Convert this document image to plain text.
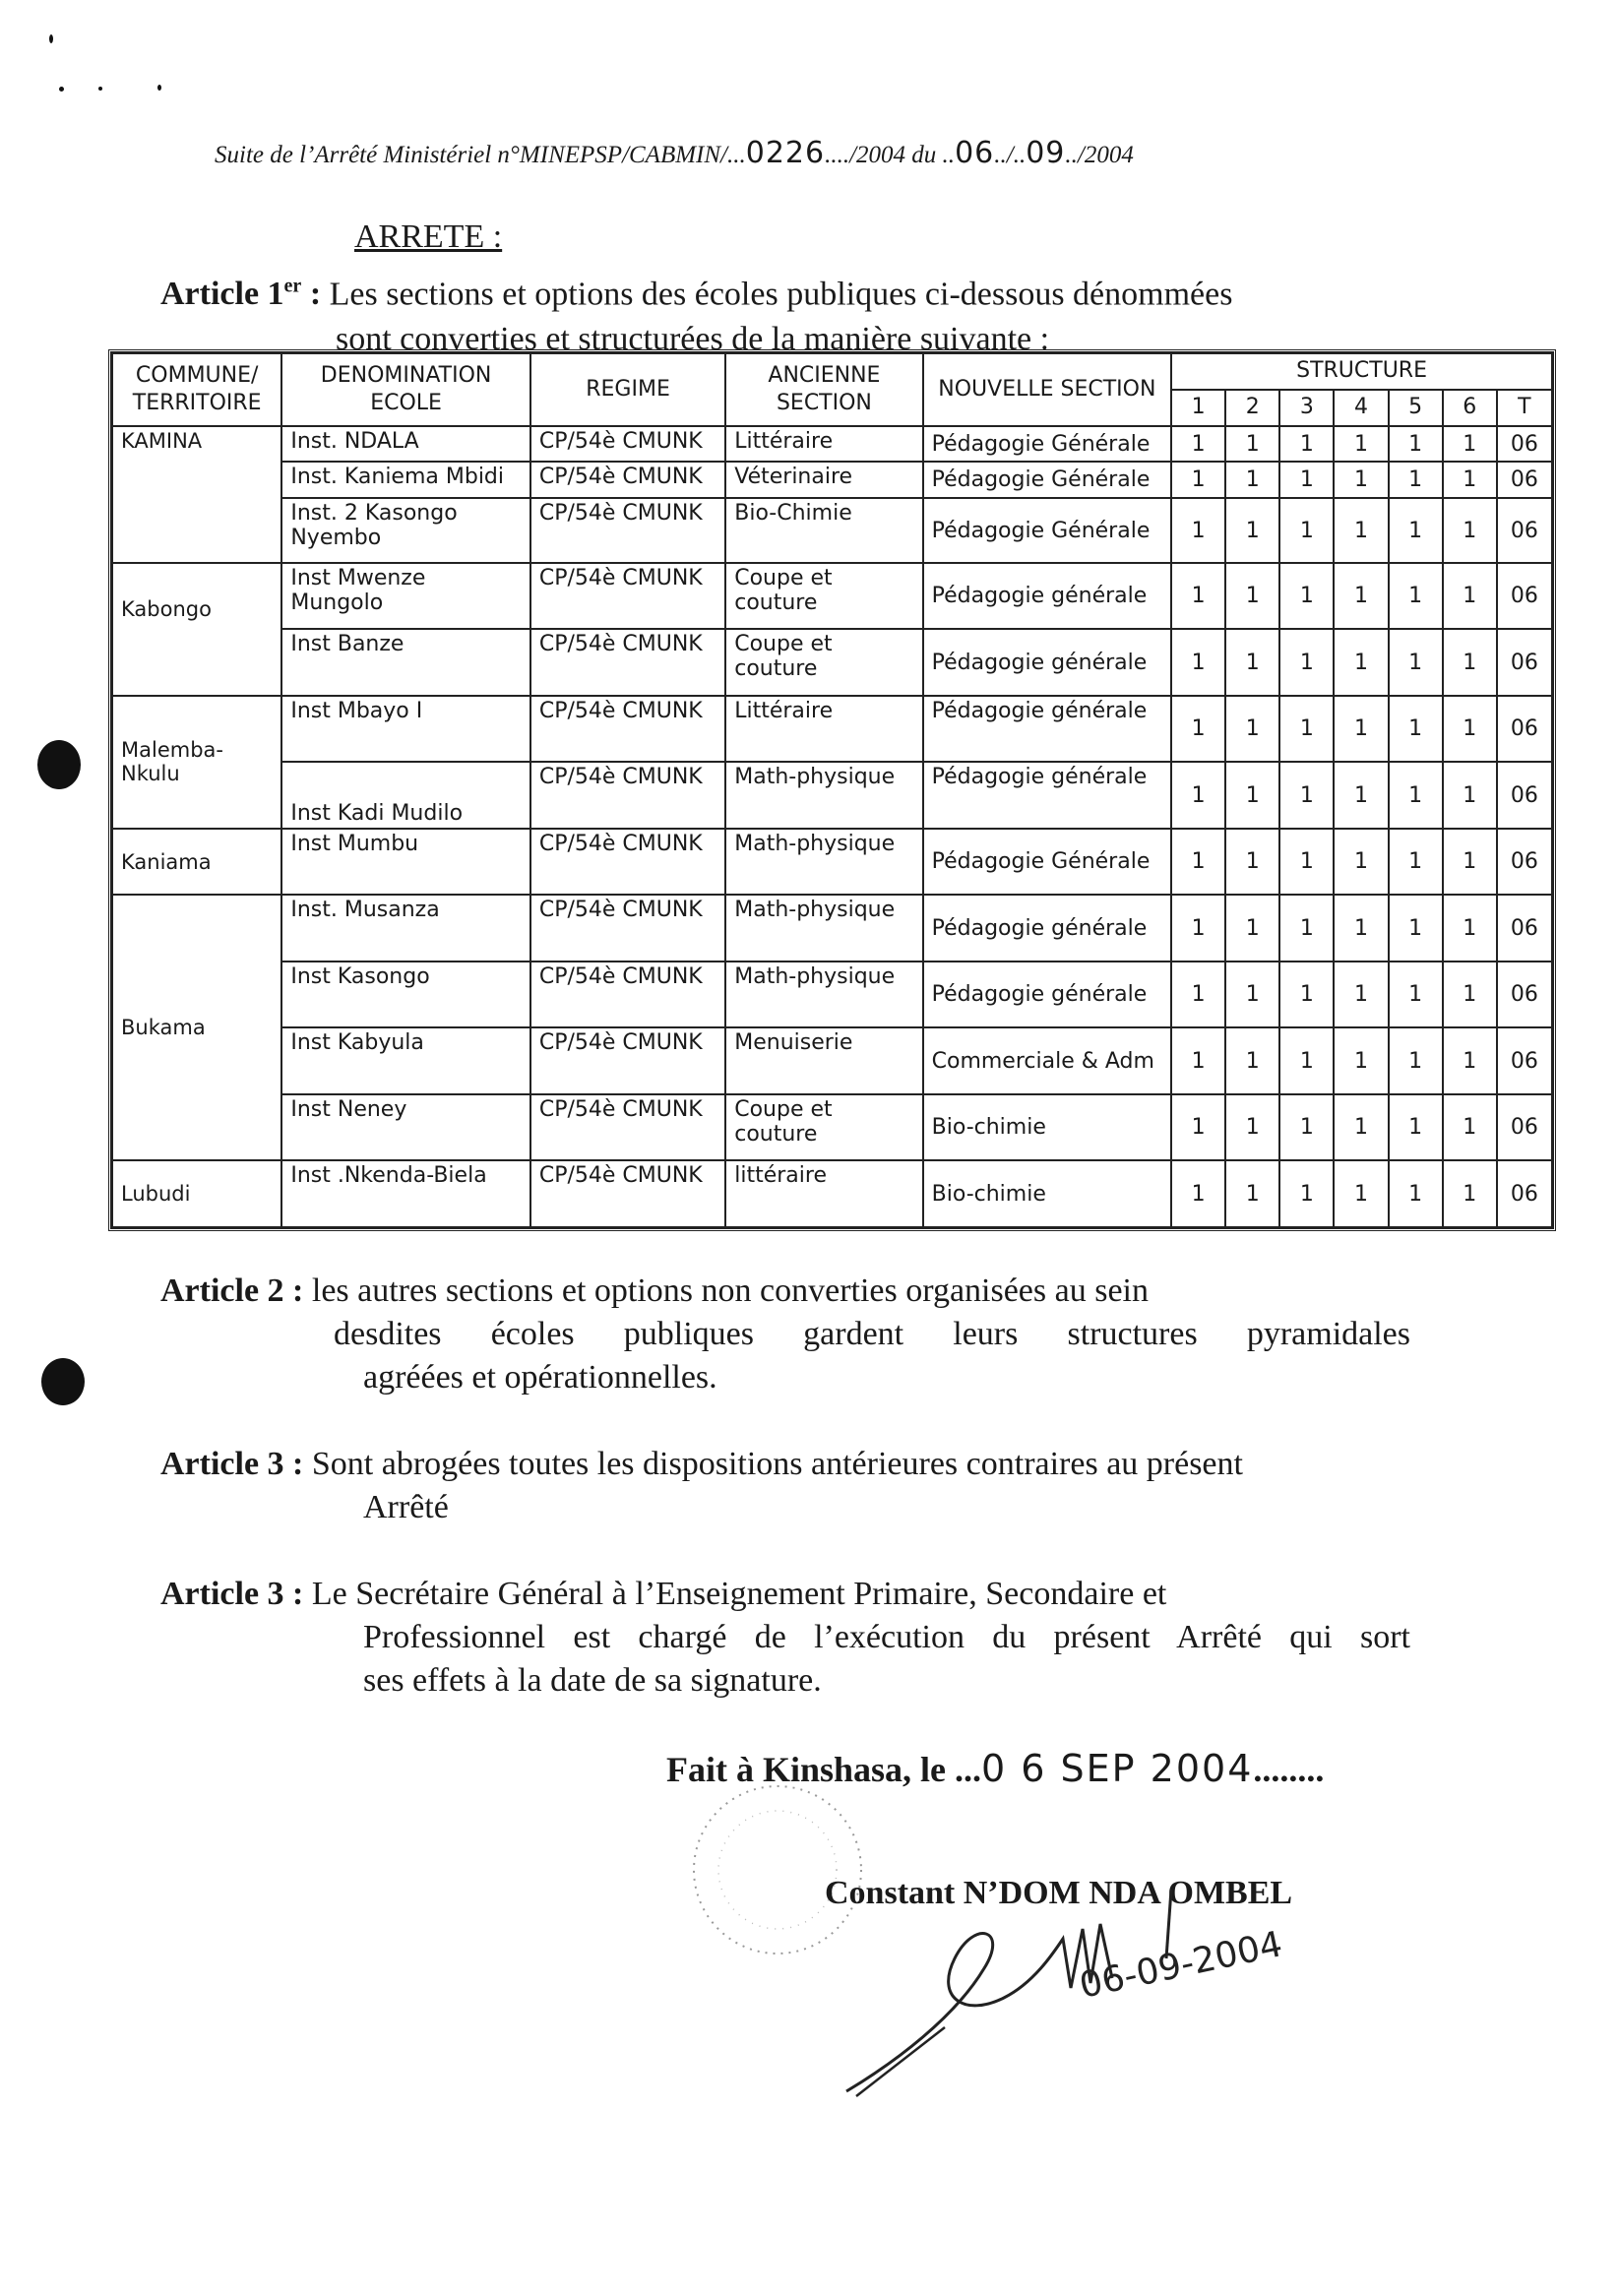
Suite de l’Arrêté Ministériel n°MINEPSP/CABMIN/...0226..../2004 du ..06../..09../2004
ARRETE :
Article 1er : Les sections et options des écoles publiques ci-dessous dénommées
sont converties et structurées de la manière suivante :
COMMUNE/ TERRITOIRE	DENOMINATION ECOLE	REGIME	ANCIENNE SECTION	NOUVELLE SECTION	STRUCTURE						
					1	2	3	4	5	6	T
KAMINA	Inst. NDALA	CP/54è CMUNK	Littéraire	Pédagogie Générale	1	1	1	1	1	1	06
	Inst. Kaniema Mbidi	CP/54è CMUNK	Véterinaire	Pédagogie Générale	1	1	1	1	1	1	06
	Inst. 2 Kasongo Nyembo	CP/54è CMUNK	Bio-Chimie	Pédagogie Générale	1	1	1	1	1	1	06
Kabongo	Inst Mwenze Mungolo	CP/54è CMUNK	Coupe et couture	Pédagogie générale	1	1	1	1	1	1	06
	Inst Banze	CP/54è CMUNK	Coupe et couture	Pédagogie générale	1	1	1	1	1	1	06
Malemba-Nkulu	Inst Mbayo I	CP/54è CMUNK	Littéraire	Pédagogie générale	1	1	1	1	1	1	06
	Inst Kadi Mudilo	CP/54è CMUNK	Math-physique	Pédagogie générale	1	1	1	1	1	1	06
Kaniama	Inst Mumbu	CP/54è CMUNK	Math-physique	Pédagogie Générale	1	1	1	1	1	1	06
Bukama	Inst. Musanza	CP/54è CMUNK	Math-physique	Pédagogie générale	1	1	1	1	1	1	06
	Inst Kasongo	CP/54è CMUNK	Math-physique	Pédagogie générale	1	1	1	1	1	1	06
	Inst Kabyula	CP/54è CMUNK	Menuiserie	Commerciale & Adm	1	1	1	1	1	1	06
	Inst Neney	CP/54è CMUNK	Coupe et couture	Bio-chimie	1	1	1	1	1	1	06
Lubudi	Inst .Nkenda-Biela	CP/54è CMUNK	littéraire	Bio-chimie	1	1	1	1	1	1	06
Article 2 : les autres sections et options non converties organisées au sein
desdites écoles publiques gardent leurs structures pyramidales
agréées et opérationnelles.
Article 3 : Sont abrogées toutes les dispositions antérieures contraires au présent
Arrêté
Article 3 : Le Secrétaire Général à l’Enseignement Primaire, Secondaire et
Professionnel est chargé de l’exécution du présent Arrêté qui sort
ses effets à la date de sa signature.
Fait à Kinshasa, le ...0 6 SEP 2004........
Constant N’DOM NDA OMBEL
06-09-2004
